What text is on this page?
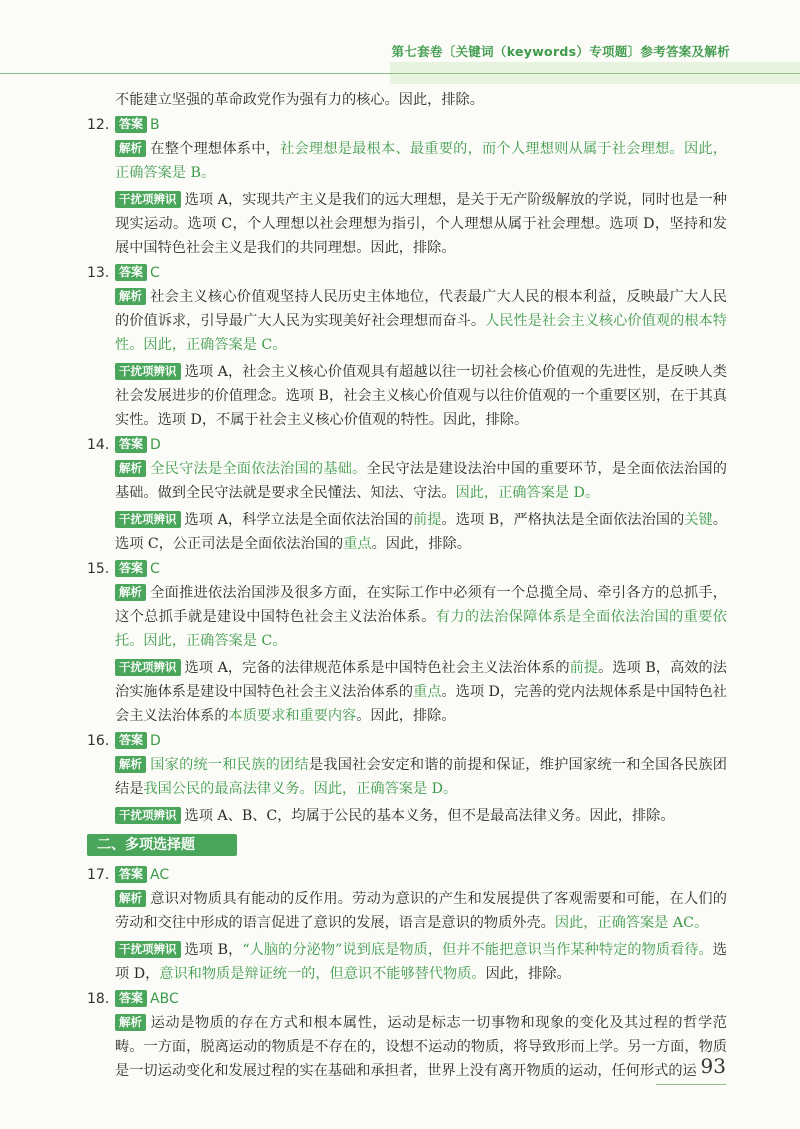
第七套卷〔关键词（keywords）专项题〕参考答案及解析

不能建立坚强的革命政党作为强有力的核心。因此，排除。

12. 答案 B

解析 在整个理想体系中，社会理想是最根本、最重要的，而个人理想则从属于社会理想。因此，正确答案是 B。

干扰项辨识 选项 A，实现共产主义是我们的远大理想，是关于无产阶级解放的学说，同时也是一种现实运动。选项 C，个人理想以社会理想为指引，个人理想从属于社会理想。选项 D，坚持和发展中国特色社会主义是我们的共同理想。因此，排除。

13. 答案 C

解析 社会主义核心价值观坚持人民历史主体地位，代表最广大人民的根本利益，反映最广大人民的价值诉求，引导最广大人民为实现美好社会理想而奋斗。人民性是社会主义核心价值观的根本特性。因此，正确答案是 C。

干扰项辨识 选项 A，社会主义核心价值观具有超越以往一切社会核心价值观的先进性，是反映人类社会发展进步的价值理念。选项 B，社会主义核心价值观与以往价值观的一个重要区别，在于其真实性。选项 D，不属于社会主义核心价值观的特性。因此，排除。

14. 答案 D

解析 全民守法是全面依法治国的基础。全民守法是建设法治中国的重要环节，是全面依法治国的基础。做到全民守法就是要求全民懂法、知法、守法。因此，正确答案是 D。

干扰项辨识 选项 A，科学立法是全面依法治国的前提。选项 B，严格执法是全面依法治国的关键。选项 C，公正司法是全面依法治国的重点。因此，排除。

15. 答案 C

解析 全面推进依法治国涉及很多方面，在实际工作中必须有一个总揽全局、牵引各方的总抓手，这个总抓手就是建设中国特色社会主义法治体系。有力的法治保障体系是全面依法治国的重要依托。因此，正确答案是 C。

干扰项辨识 选项 A，完备的法律规范体系是中国特色社会主义法治体系的前提。选项 B，高效的法治实施体系是建设中国特色社会主义法治体系的重点。选项 D，完善的党内法规体系是中国特色社会主义法治体系的本质要求和重要内容。因此，排除。

16. 答案 D

解析 国家的统一和民族的团结是我国社会安定和谐的前提和保证，维护国家统一和全国各民族团结是我国公民的最高法律义务。因此，正确答案是 D。

干扰项辨识 选项 A、B、C，均属于公民的基本义务，但不是最高法律义务。因此，排除。

二、多项选择题
17. 答案 AC

解析 意识对物质具有能动的反作用。劳动为意识的产生和发展提供了客观需要和可能，在人们的劳动和交往中形成的语言促进了意识的发展，语言是意识的物质外壳。因此，正确答案是 AC。

干扰项辨识 选项 B，“人脑的分泌物”说到底是物质，但并不能把意识当作某种特定的物质看待。选项 D，意识和物质是辩证统一的，但意识不能够替代物质。因此，排除。

18. 答案 ABC

解析 运动是物质的存在方式和根本属性，运动是标志一切事物和现象的变化及其过程的哲学范畴。一方面，脱离运动的物质是不存在的，设想不运动的物质，将导致形而上学。另一方面，物质是一切运动变化和发展过程的实在基础和承担者，世界上没有离开物质的运动，任何形式的运 93
